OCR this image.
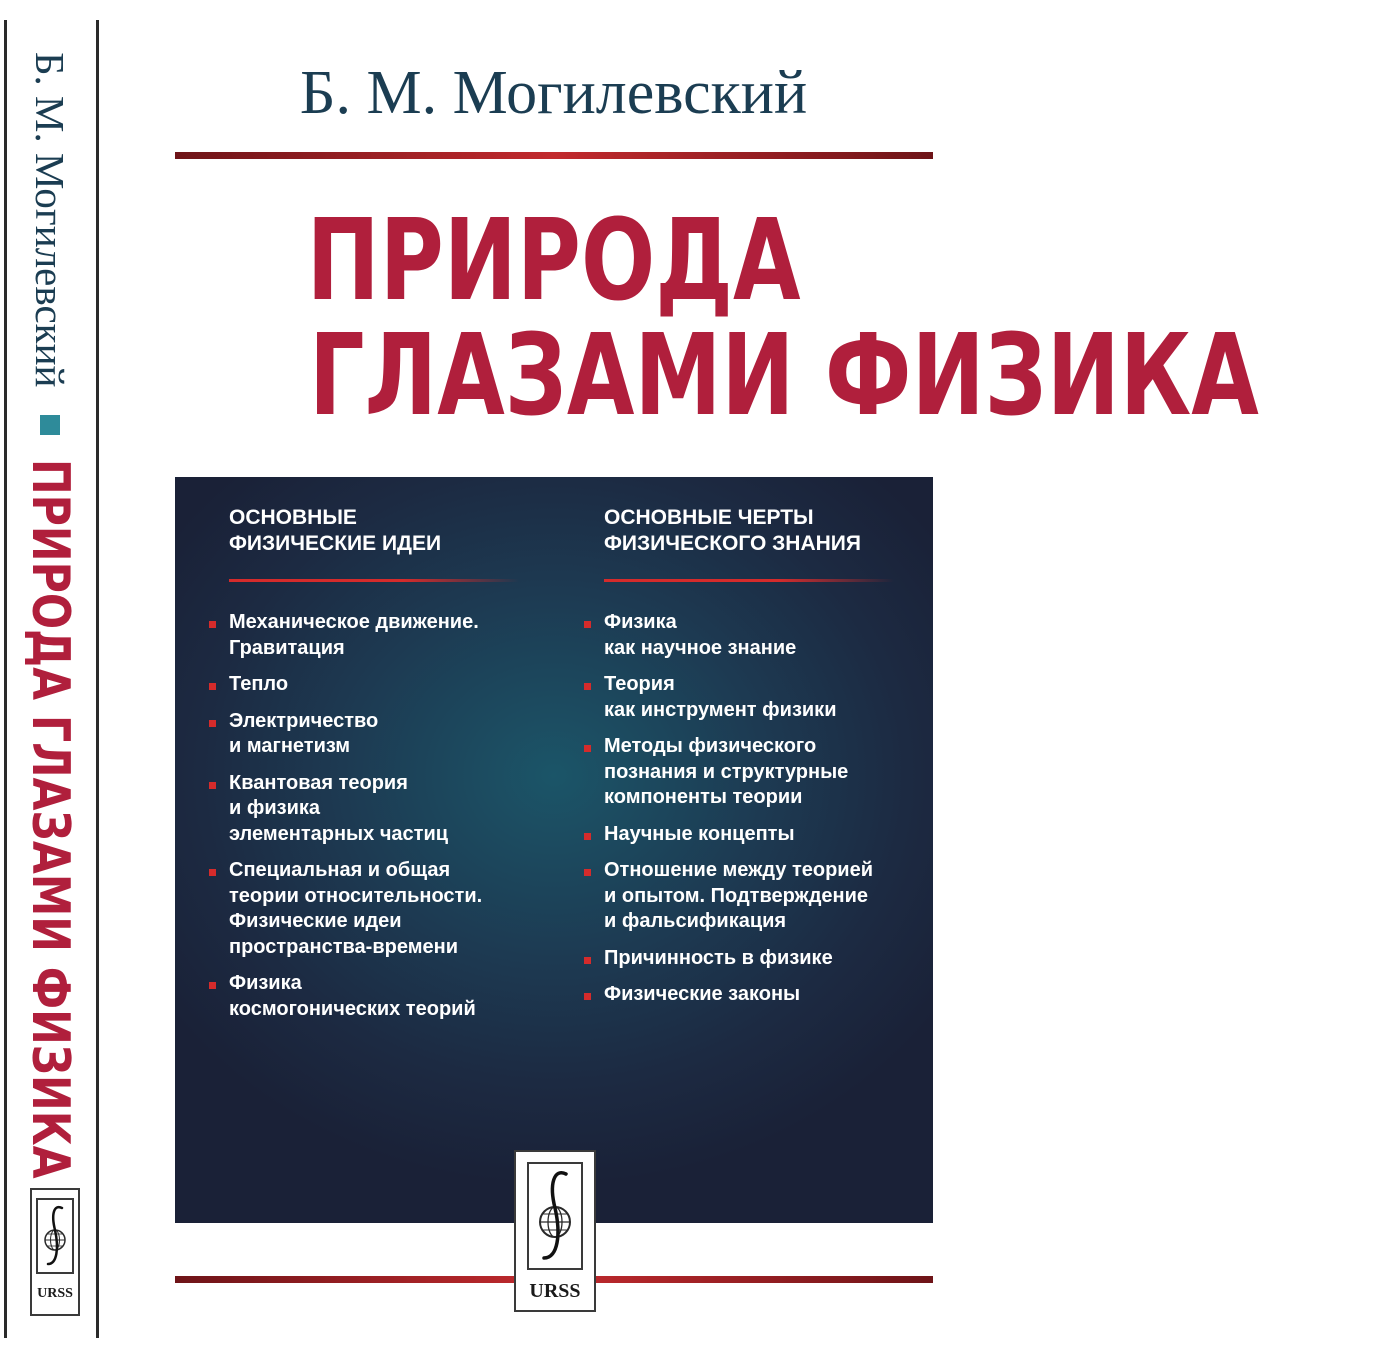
Б. М. Могилевский
ПРИРОДА ГЛАЗАМИ ФИЗИКА
URSS
Б. М. Могилевский
ПРИРОДА
ГЛАЗАМИ ФИЗИКА
ОСНОВНЫЕ
ФИЗИЧЕСКИЕ ИДЕИ
Механическое движение.
Гравитация
Тепло
Электричество
и магнетизм
Квантовая теория
и физика
элементарных частиц
Специальная и общая
теории относительности.
Физические идеи
пространства-времени
Физика
космогонических теорий
ОСНОВНЫЕ ЧЕРТЫ
ФИЗИЧЕСКОГО ЗНАНИЯ
Физика
как научное знание
Теория
как инструмент физики
Методы физического
познания и структурные
компоненты теории
Научные концепты
Отношение между теорией
и опытом. Подтверждение
и фальсификация
Причинность в физике
Физические законы
URSS
